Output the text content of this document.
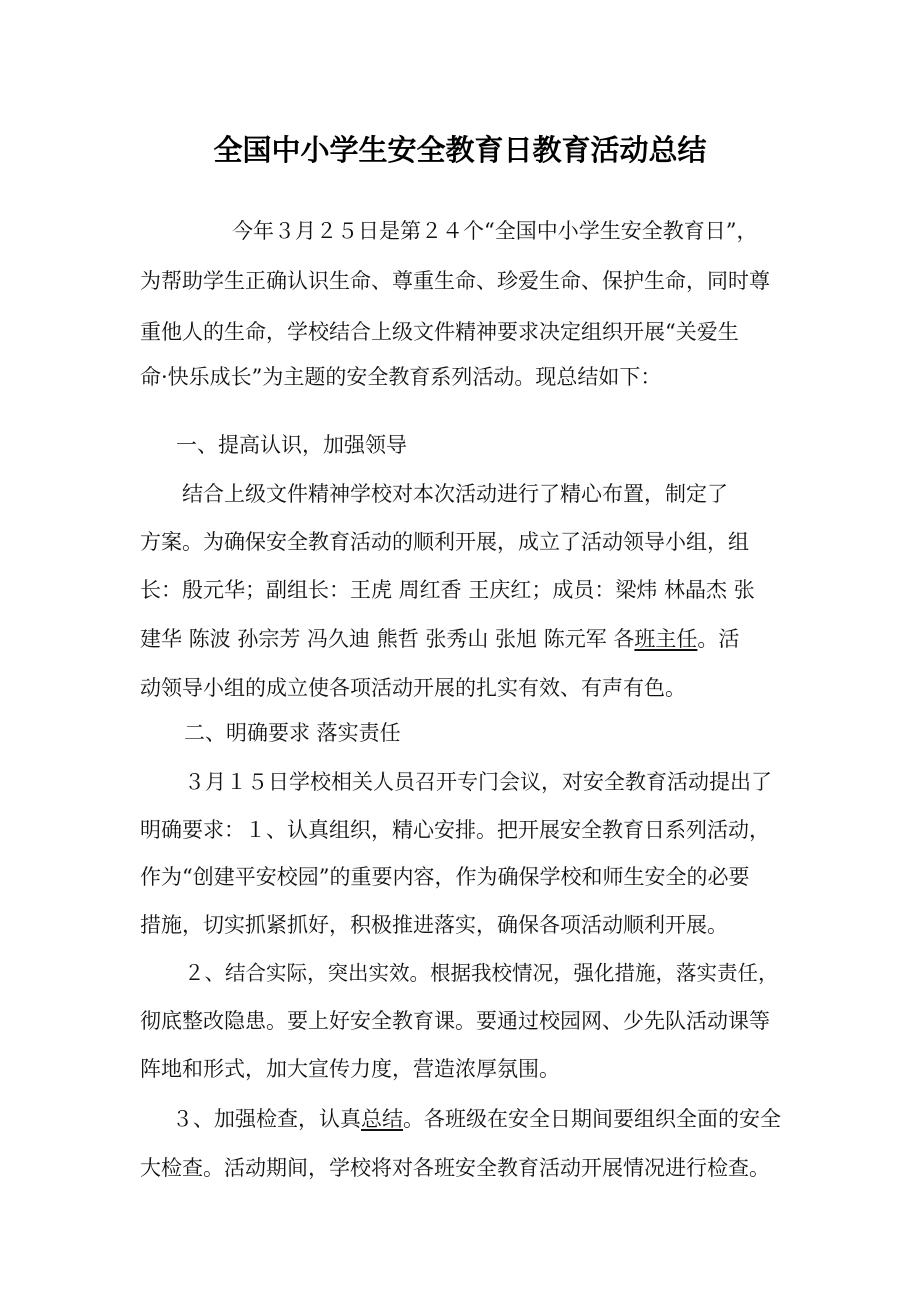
全国中小学生安全教育日教育活动总结
今年３月２５日是第２４个“全国中小学生安全教育日”，
为帮助学生正确认识生命、尊重生命、珍爱生命、保护生命，同时尊
重他人的生命，学校结合上级文件精神要求决定组织开展“关爱生
命·快乐成长”为主题的安全教育系列活动。现总结如下：
一、提高认识，加强领导
结合上级文件精神学校对本次活动进行了精心布置，制定了
方案。为确保安全教育活动的顺利开展，成立了活动领导小组，组
长：殷元华；副组长：王虎 周红香 王庆红；成员：梁炜 林晶杰 张
建华 陈波 孙宗芳 冯久迪 熊哲 张秀山 张旭 陈元军 各班主任。活
动领导小组的成立使各项活动开展的扎实有效、有声有色。
二、明确要求 落实责任
３月１５日学校相关人员召开专门会议，对安全教育活动提出了
明确要求：１、认真组织，精心安排。把开展安全教育日系列活动，
作为“创建平安校园”的重要内容，作为确保学校和师生安全的必要
措施，切实抓紧抓好，积极推进落实，确保各项活动顺利开展。
２、结合实际，突出实效。根据我校情况，强化措施，落实责任，
彻底整改隐患。要上好安全教育课。要通过校园网、少先队活动课等
阵地和形式，加大宣传力度，营造浓厚氛围。
３、加强检查，认真总结。各班级在安全日期间要组织全面的安全
大检查。活动期间，学校将对各班安全教育活动开展情况进行检查。
